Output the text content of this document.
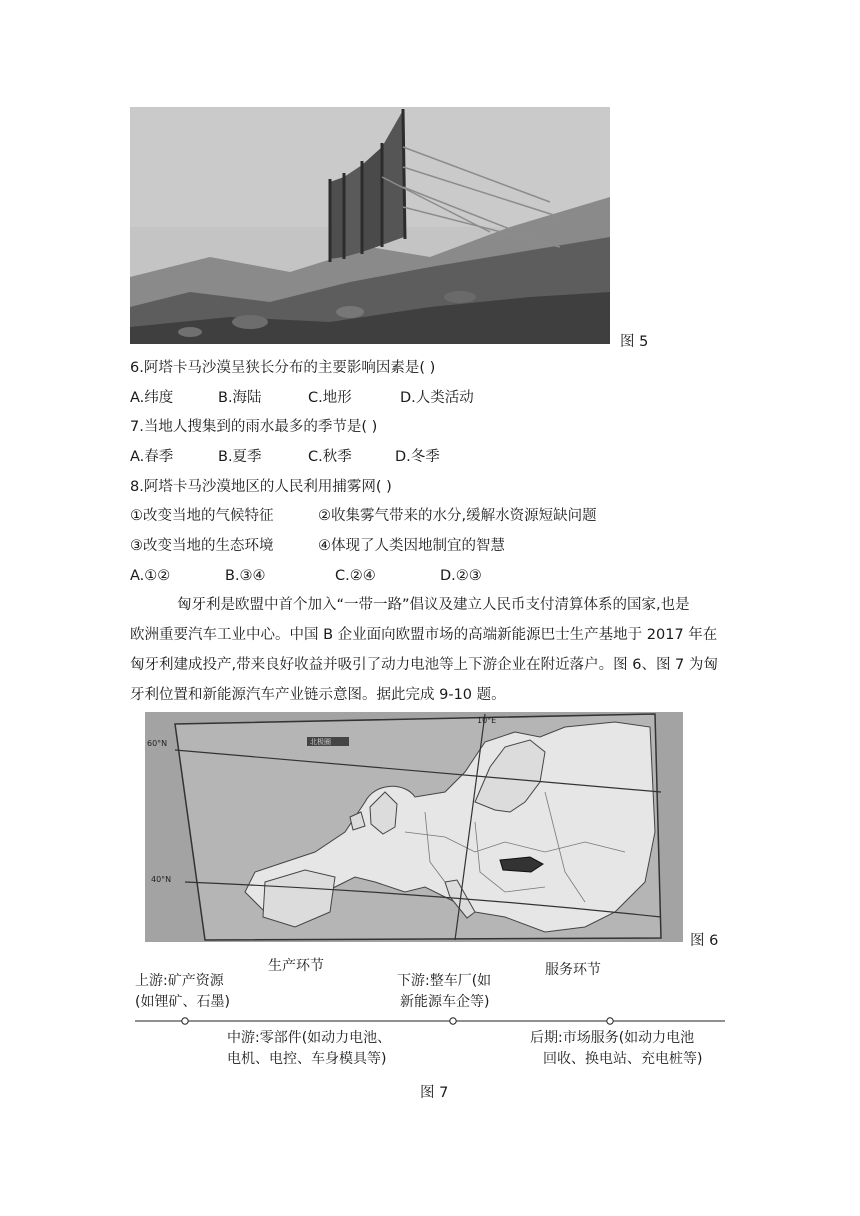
图 5
6.阿塔卡马沙漠呈狭长分布的主要影响因素是( )
A.纬度	B.海陆	C.地形	D.人类活动
7.当地人搜集到的雨水最多的季节是( )
A.春季	B.夏季	C.秋季	D.冬季
8.阿塔卡马沙漠地区的人民利用捕雾网( )
①改变当地的气候特征	②收集雾气带来的水分,缓解水资源短缺问题
③改变当地的生态环境	④体现了人类因地制宜的智慧
A.①②	B.③④	C.②④	D.②③
匈牙利是欧盟中首个加入“一带一路”倡议及建立人民币支付清算体系的国家,也是
欧洲重要汽车工业中心。中国 B 企业面向欧盟市场的高端新能源巴士生产基地于 2017 年在
匈牙利建成投产,带来良好收益并吸引了动力电池等上下游企业在附近落户。图 6、图 7 为匈
牙利位置和新能源汽车产业链示意图。据此完成 9-10 题。
10°E
60°N
40°N
北极圈
图 6
生产环节	服务环节
上游:矿产资源
(如锂矿、石墨)
下游:整车厂(如
新能源车企等)
中游:零部件(如动力电池、
电机、电控、车身模具等)
后期:市场服务(如动力电池
回收、换电站、充电桩等)
图 7
